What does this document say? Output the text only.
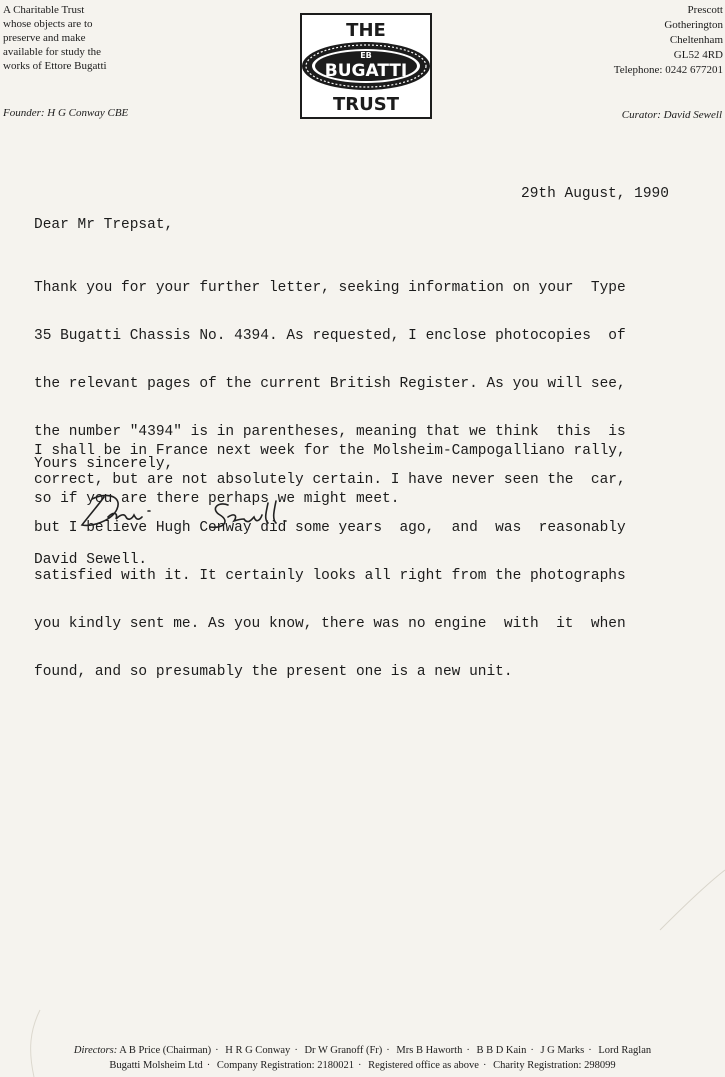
A Charitable Trust
whose objects are to
preserve and make
available for study the
works of Ettore Bugatti
THE
EB
BUGATTI
TRUST
Prescott
Gotherington
Cheltenham
GL52 4RD
Telephone: 0242 677201
Founder: H G Conway CBE	Curator: David Sewell
29th August, 1990
Dear Mr Trepsat,

Thank you for your further letter, seeking information on your  Type

35 Bugatti Chassis No. 4394. As requested, I enclose photocopies  of

the relevant pages of the current British Register. As you will see,

the number "4394" is in parentheses, meaning that we think  this  is

correct, but are not absolutely certain. I have never seen the  car,

but I believe Hugh Conway did some years  ago,  and  was  reasonably

satisfied with it. It certainly looks all right from the photographs

you kindly sent me. As you know, there was no engine  with  it  when

found, and so presumably the present one is a new unit.

I shall be in France next week for the Molsheim-Campogalliano rally,

so if you are there perhaps we might meet.

Yours sincerely,
David Sewell.
Directors: A B Price (Chairman) · H R G Conway · Dr W Granoff (Fr) · Mrs B Haworth · B B D Kain · J G Marks · Lord Raglan
Bugatti Molsheim Ltd · Company Registration: 2180021 · Registered office as above · Charity Registration: 298099
